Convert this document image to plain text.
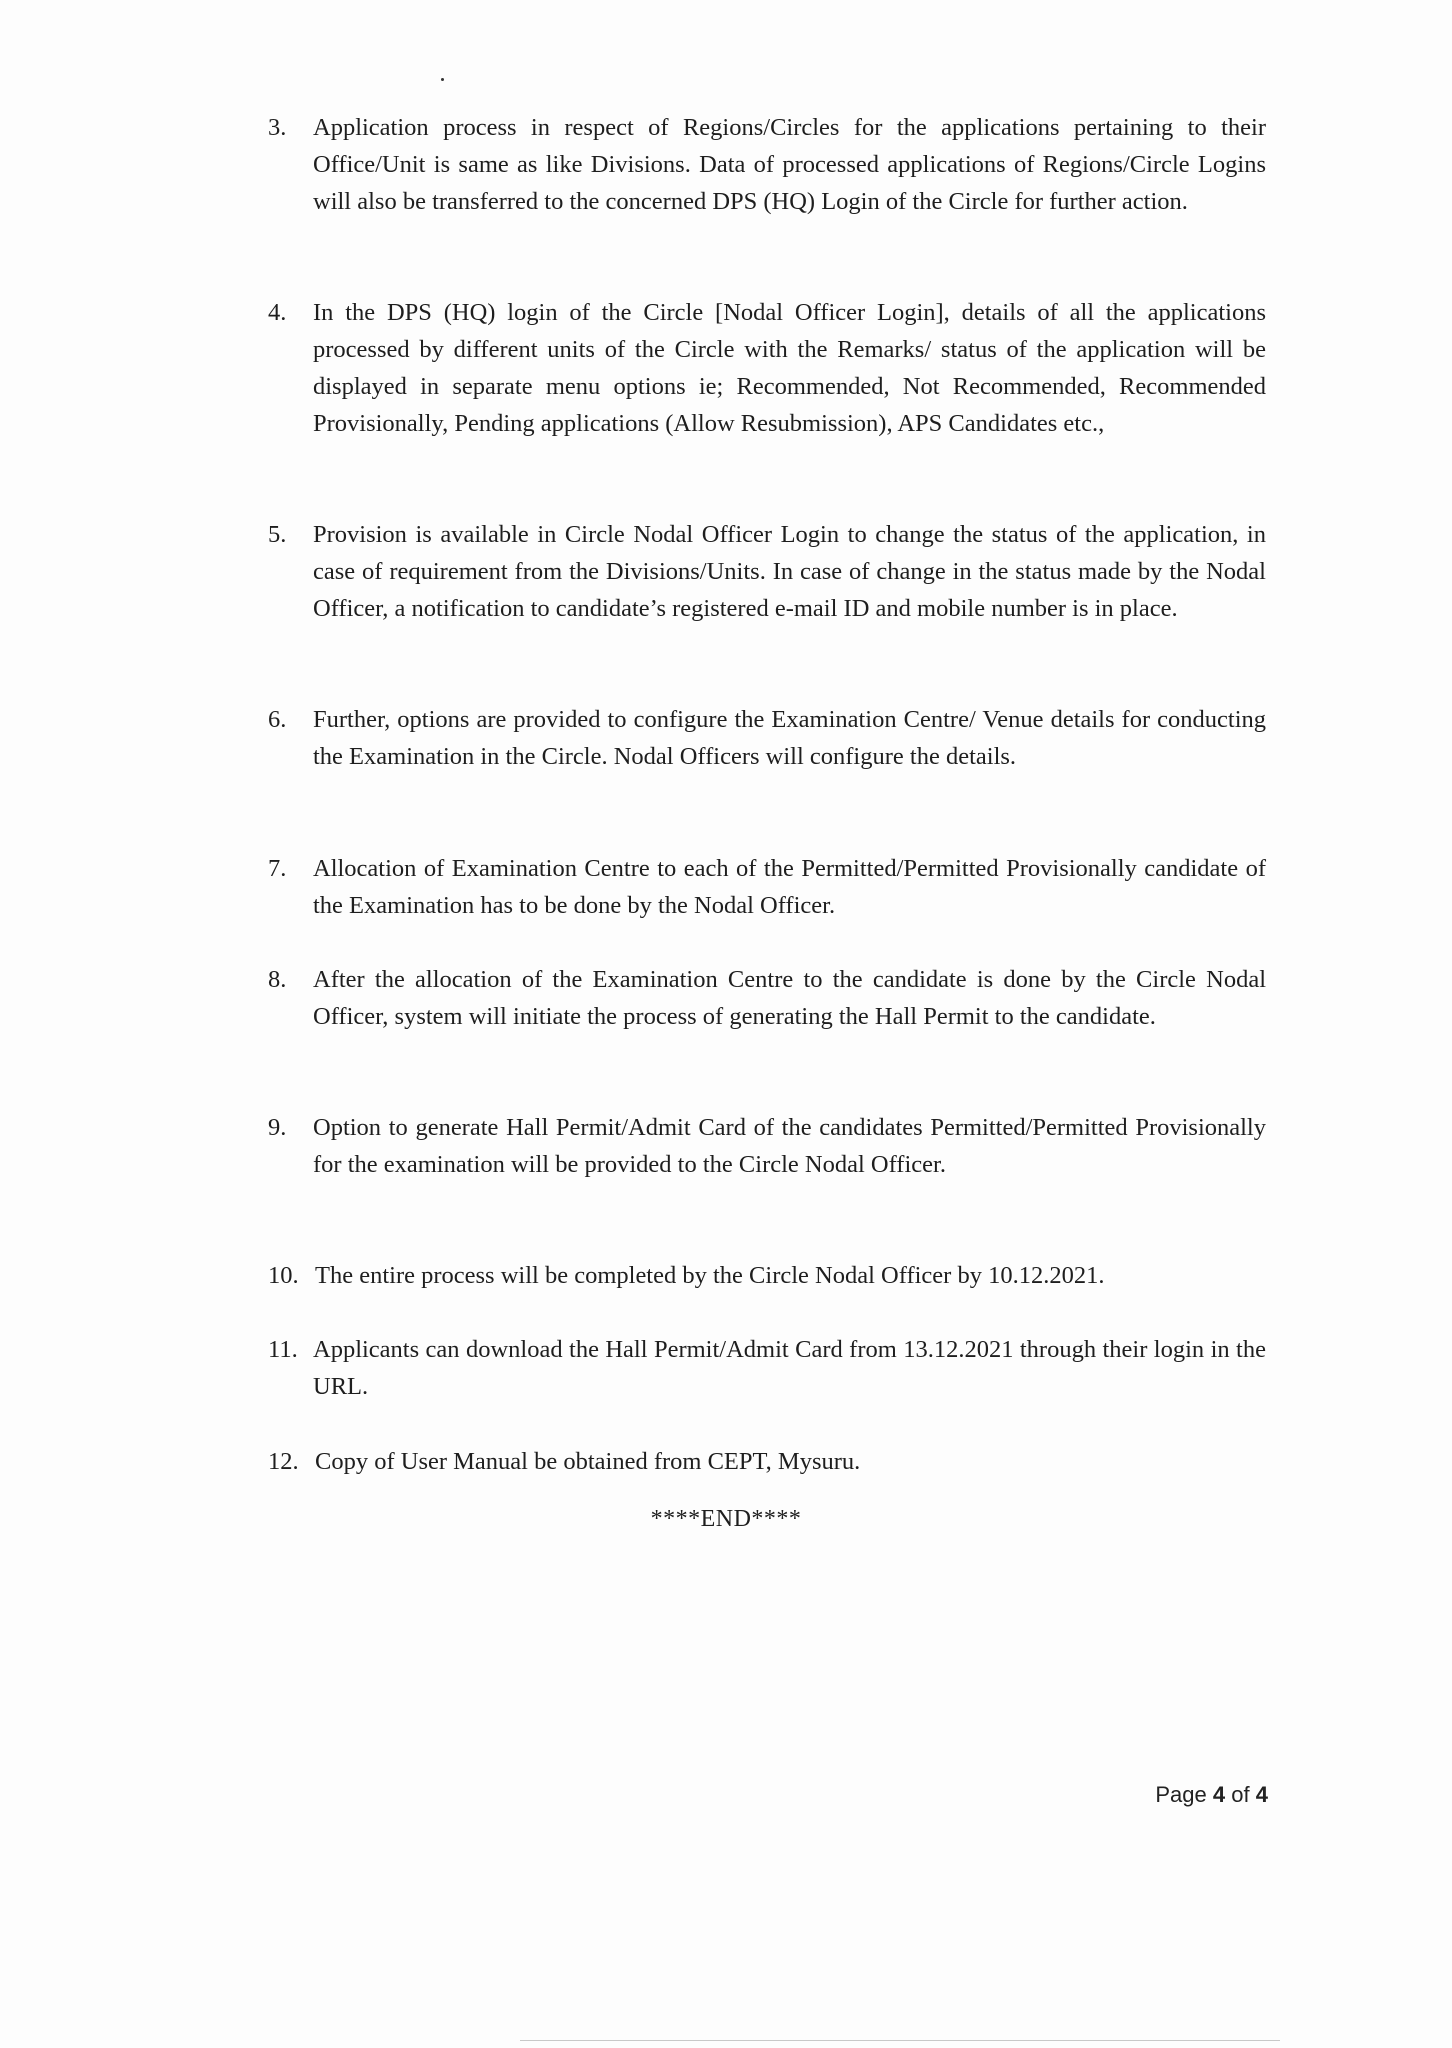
3.	Application process in respect of Regions/Circles for the applications pertaining to their Office/Unit is same as like Divisions. Data of processed applications of Regions/Circle Logins will also be transferred to the concerned DPS (HQ) Login of the Circle for further action.
4.	In the DPS (HQ) login of the Circle [Nodal Officer Login], details of all the applications processed by different units of the Circle with the Remarks/ status of the application will be displayed in separate menu options ie; Recommended, Not Recommended, Recommended Provisionally, Pending applications (Allow Resubmission), APS Candidates etc.,
5.	Provision is available in Circle Nodal Officer Login to change the status of the application, in case of requirement from the Divisions/Units. In case of change in the status made by the Nodal Officer, a notification to candidate’s registered e-mail ID and mobile number is in place.
6.	Further, options are provided to configure the Examination Centre/ Venue details for conducting the Examination in the Circle. Nodal Officers will configure the details.
7.	Allocation of Examination Centre to each of the Permitted/Permitted Provisionally candidate of the Examination has to be done by the Nodal Officer.
8.	After the allocation of the Examination Centre to the candidate is done by the Circle Nodal Officer, system will initiate the process of generating the Hall Permit to the candidate.
9.	Option to generate Hall Permit/Admit Card of the candidates Permitted/Permitted Provisionally for the examination will be provided to the Circle Nodal Officer.
10. The entire process will be completed by the Circle Nodal Officer by 10.12.2021.
11. Applicants can download the Hall Permit/Admit Card from 13.12.2021 through their login in the URL.
12. Copy of User Manual be obtained from CEPT, Mysuru.
****END****
Page 4 of 4
